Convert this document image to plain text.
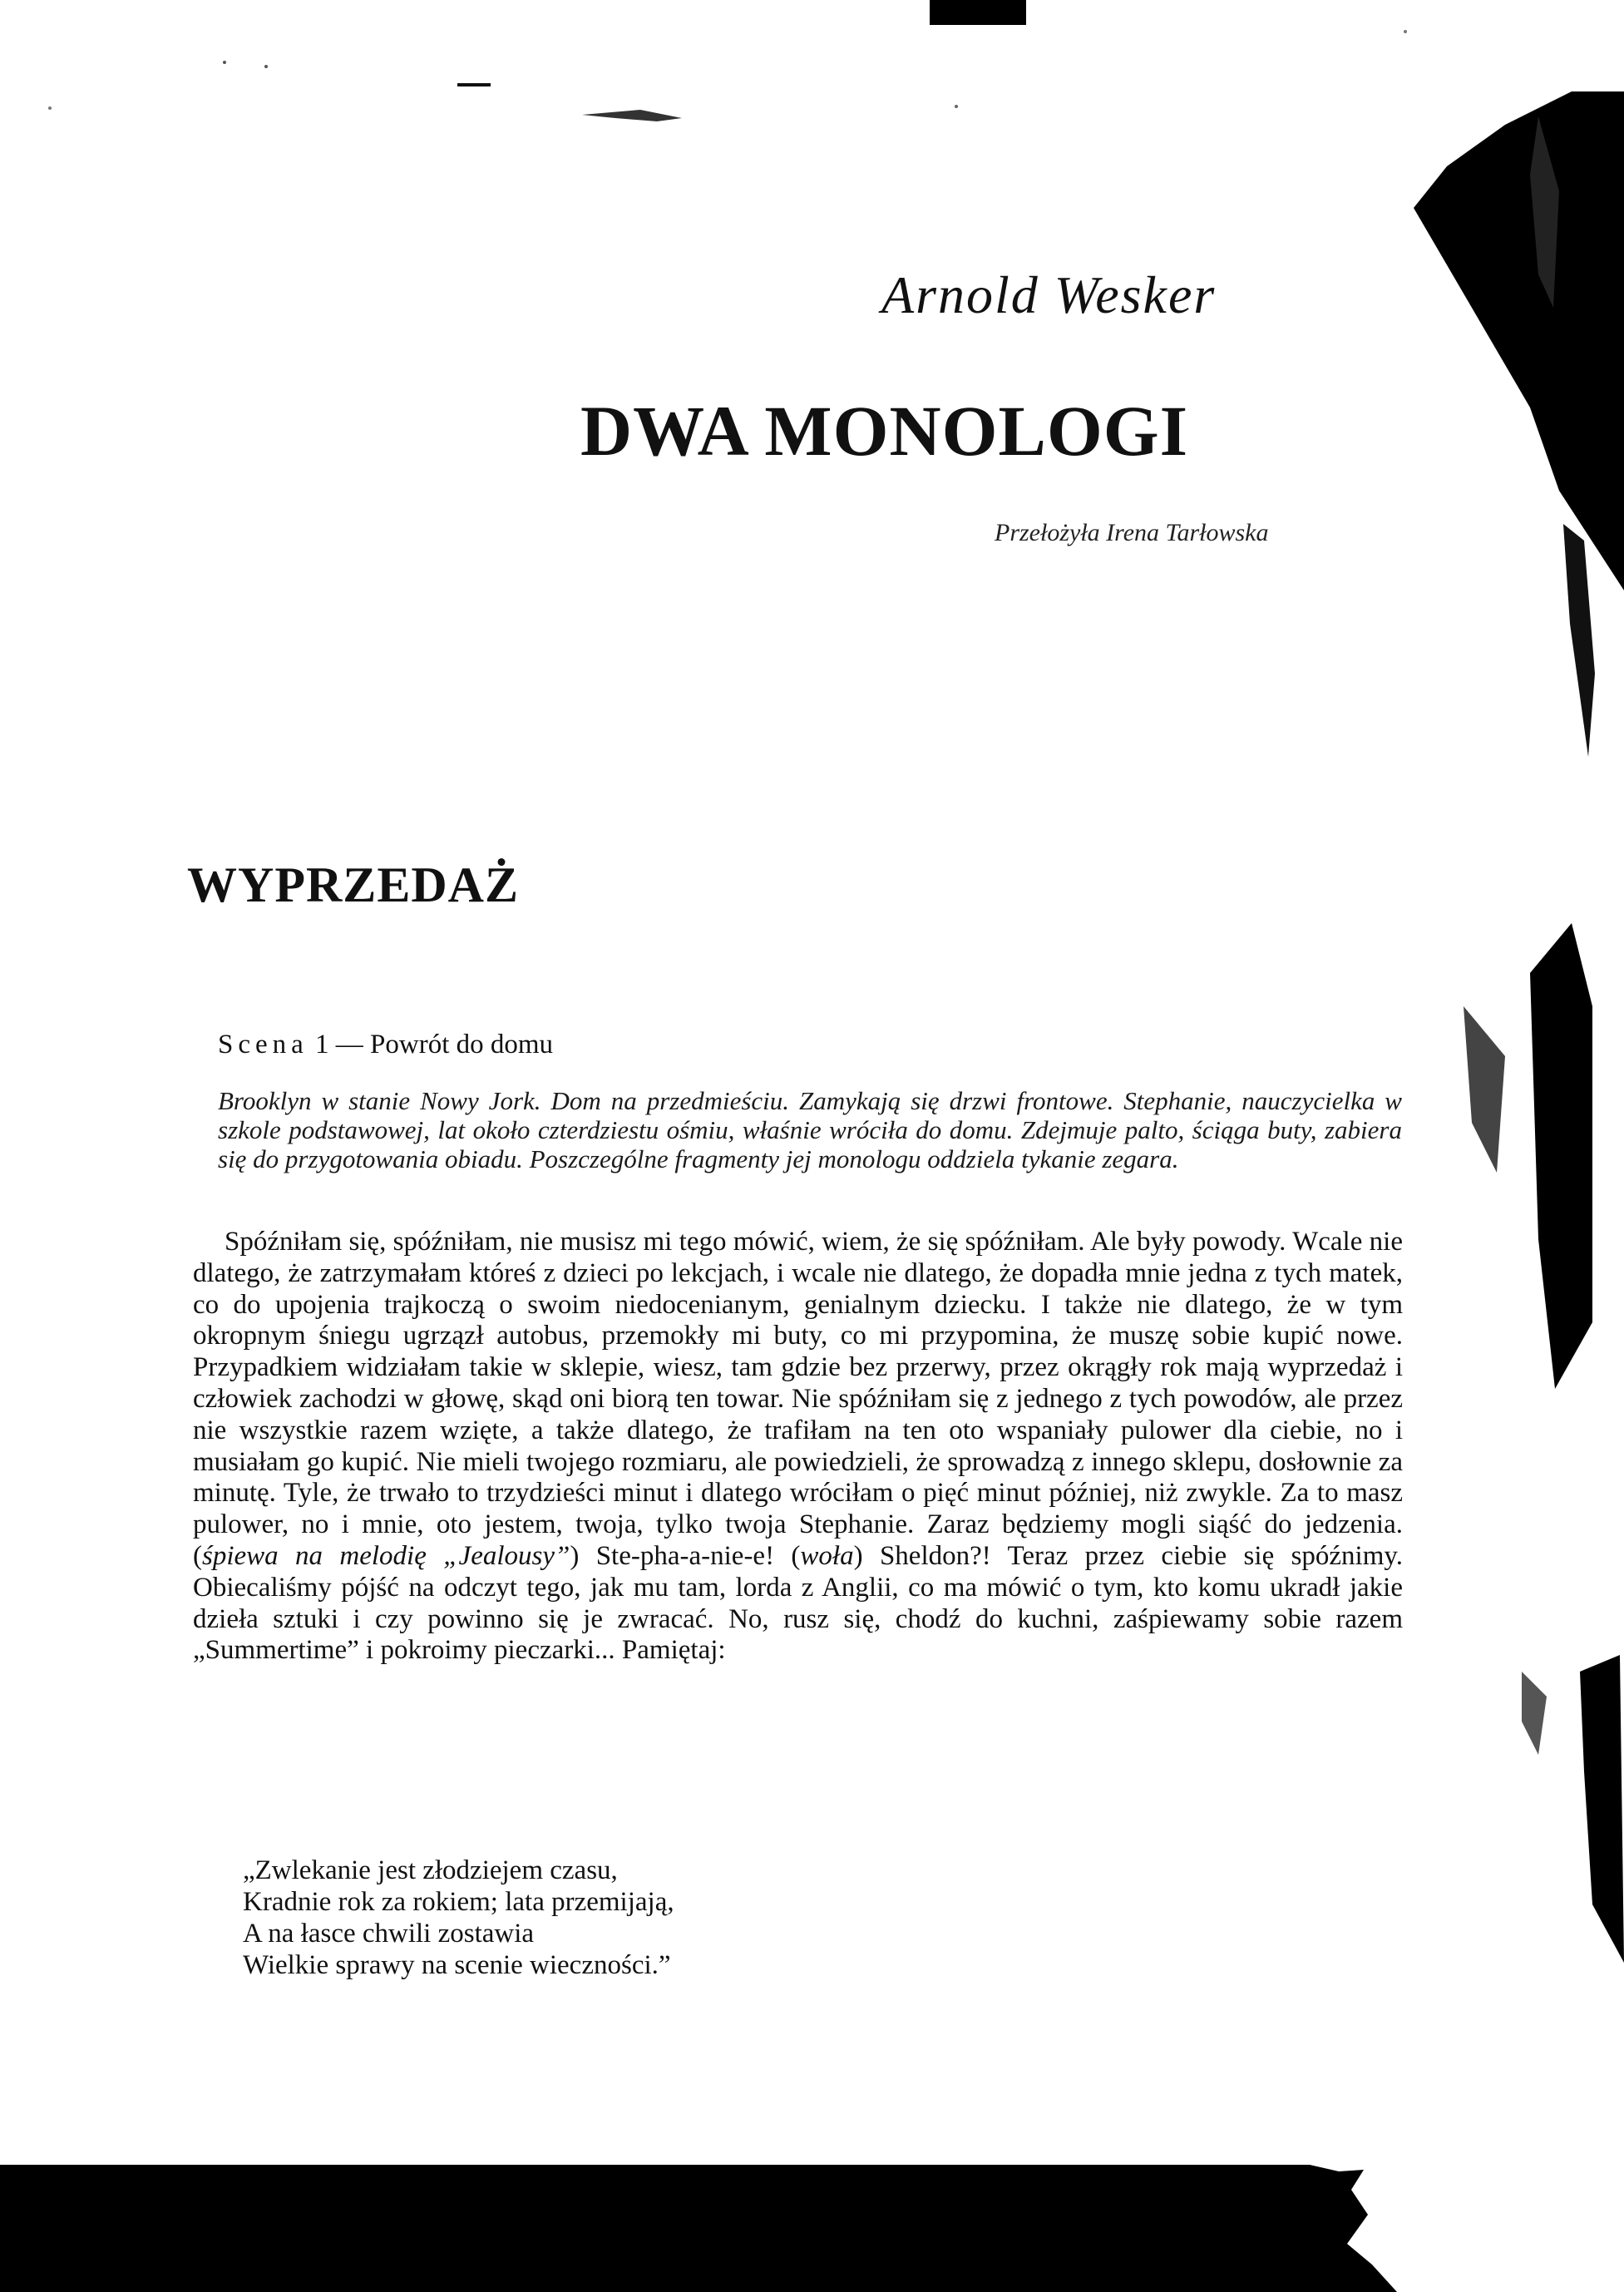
Arnold Wesker
DWA MONOLOGI
Przełożyła Irena Tarłowska
WYPRZEDAŻ
Scena 1 — Powrót do domu
Brooklyn w stanie Nowy Jork. Dom na przedmieściu. Zamykają się drzwi frontowe. Stephanie, nauczycielka w szkole podstawowej, lat około czterdziestu ośmiu, właśnie wróciła do domu. Zdejmuje palto, ściąga buty, zabiera się do przygotowania obiadu. Poszczególne fragmenty jej monologu oddziela tykanie zegara.
Spóźniłam się, spóźniłam, nie musisz mi tego mówić, wiem, że się spóźniłam. Ale były powody. Wcale nie dlatego, że zatrzymałam któreś z dzieci po lekcjach, i wcale nie dlatego, że dopadła mnie jedna z tych matek, co do upojenia trajkoczą o swoim niedocenianym, genialnym dziecku. I także nie dlatego, że w tym okropnym śniegu ugrzązł autobus, przemokły mi buty, co mi przypomina, że muszę sobie kupić nowe. Przypadkiem widziałam takie w sklepie, wiesz, tam gdzie bez przerwy, przez okrągły rok mają wyprzedaż i człowiek zachodzi w głowę, skąd oni biorą ten towar. Nie spóźniłam się z jednego z tych powodów, ale przez nie wszystkie razem wzięte, a także dlatego, że trafiłam na ten oto wspaniały pulower dla ciebie, no i musiałam go kupić. Nie mieli twojego rozmiaru, ale powiedzieli, że sprowadzą z innego sklepu, dosłownie za minutę. Tyle, że trwało to trzydzieści minut i dlatego wróciłam o pięć minut później, niż zwykle. Za to masz pulower, no i mnie, oto jestem, twoja, tylko twoja Stephanie. Zaraz będziemy mogli siąść do jedzenia. (śpiewa na melodię „Jealousy”) Ste-pha-a-nie-e! (woła) Sheldon?! Teraz przez ciebie się spóźnimy. Obiecaliśmy pójść na odczyt tego, jak mu tam, lorda z Anglii, co ma mówić o tym, kto komu ukradł jakie dzieła sztuki i czy powinno się je zwracać. No, rusz się, chodź do kuchni, zaśpiewamy sobie razem „Summertime” i pokroimy pieczarki... Pamiętaj:
„Zwlekanie jest złodziejem czasu,
Kradnie rok za rokiem; lata przemijają,
A na łasce chwili zostawia
Wielkie sprawy na scenie wieczności.”
